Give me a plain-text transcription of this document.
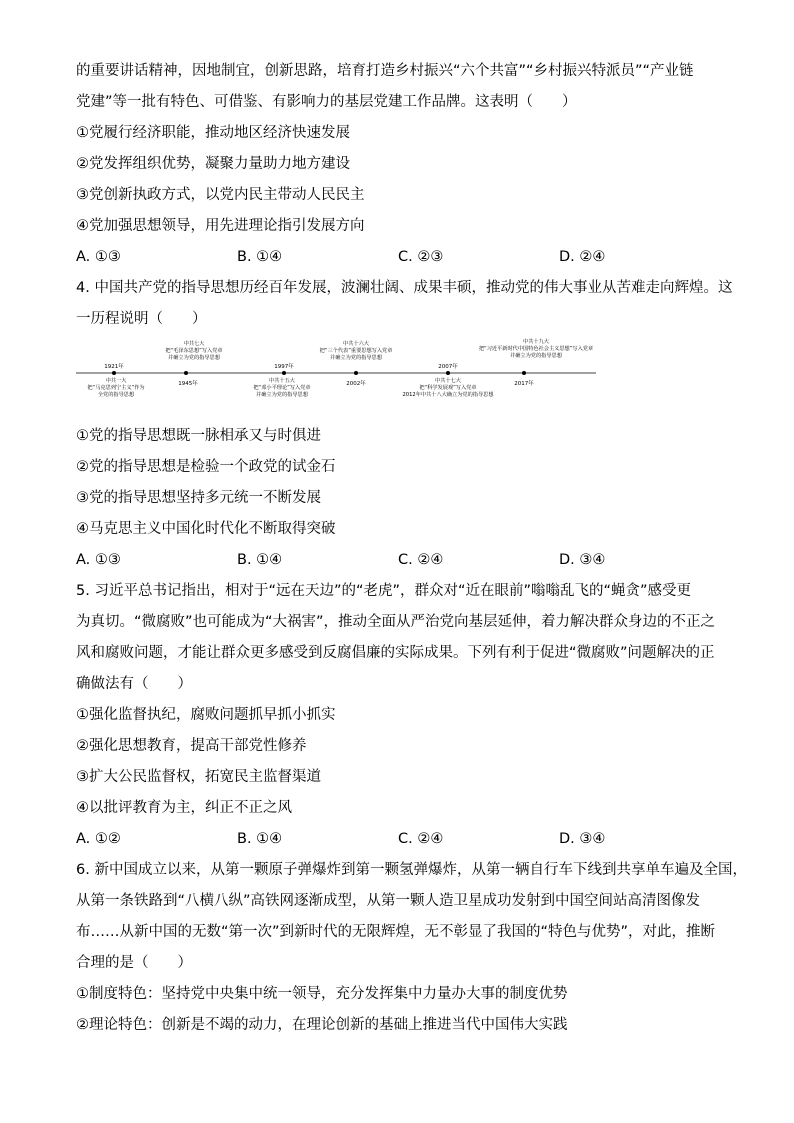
的重要讲话精神，因地制宜，创新思路，培育打造乡村振兴“六个共富”“乡村振兴特派员”“产业链
党建”等一批有特色、可借鉴、有影响力的基层党建工作品牌。这表明（　　）
①党履行经济职能，推动地区经济快速发展
②党发挥组织优势，凝聚力量助力地方建设
③党创新执政方式，以党内民主带动人民民主
④党加强思想领导，用先进理论指引发展方向
A. ①③	B. ①④	C. ②③	D. ②④
4. 中国共产党的指导思想历经百年发展，波澜壮阔、成果丰硕，推动党的伟大事业从苦难走向辉煌。这
一历程说明（　　）
1921年
中共七大
把“毛泽东思想”写入党章
并确立为党的指导思想
1997年
中共十六大
把“三个代表”重要思想写入党章
并确立为党的指导思想
2007年
中共十九大
把“习近平新时代中国特色社会主义思想”写入党章
并确立为党的指导思想
中共一大
把“马克思列宁主义”作为
全党的指导思想
1945年	中共十五大
把“邓小平理论”写入党章
并确立为党的指导思想
2002年	中共十七大
把“科学发展观”写入党章
2012年中共十八大确立为党的指导思想
2017年
①党的指导思想既一脉相承又与时俱进
②党的指导思想是检验一个政党的试金石
③党的指导思想坚持多元统一不断发展
④马克思主义中国化时代化不断取得突破
A. ①③	B. ①④	C. ②④	D. ③④
5. 习近平总书记指出，相对于“远在天边”的“老虎”，群众对“近在眼前”嗡嗡乱飞的“蝇贪”感受更
为真切。“微腐败”也可能成为“大祸害”，推动全面从严治党向基层延伸，着力解决群众身边的不正之
风和腐败问题，才能让群众更多感受到反腐倡廉的实际成果。下列有利于促进“微腐败”问题解决的正
确做法有（　　）
①强化监督执纪，腐败问题抓早抓小抓实
②强化思想教育，提高干部党性修养
③扩大公民监督权，拓宽民主监督渠道
④以批评教育为主，纠正不正之风
A. ①②	B. ①④	C. ②④	D. ③④
6. 新中国成立以来，从第一颗原子弹爆炸到第一颗氢弹爆炸，从第一辆自行车下线到共享单车遍及全国，
从第一条铁路到“八横八纵”高铁网逐渐成型，从第一颗人造卫星成功发射到中国空间站高清图像发
布……从新中国的无数“第一次”到新时代的无限辉煌，无不彰显了我国的“特色与优势”，对此，推断
合理的是（　　）
①制度特色：坚持党中央集中统一领导，充分发挥集中力量办大事的制度优势
②理论特色：创新是不竭的动力，在理论创新的基础上推进当代中国伟大实践
